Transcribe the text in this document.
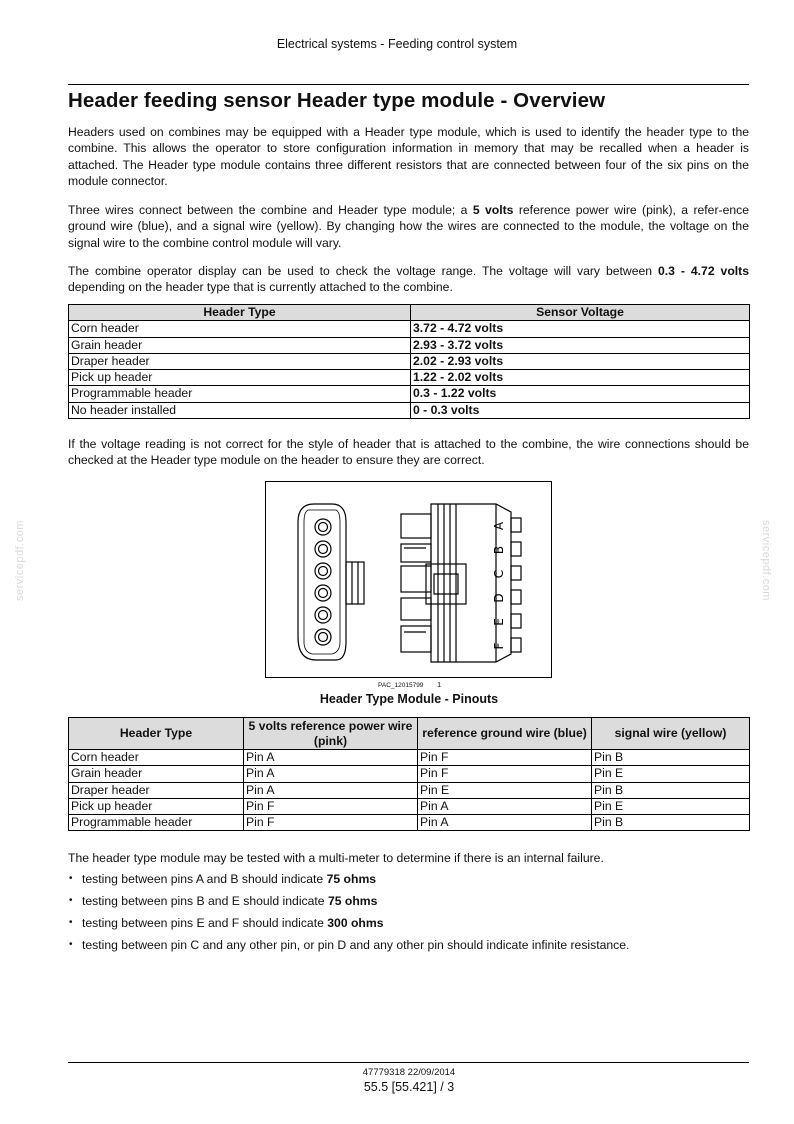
Electrical systems - Feeding control system
Header feeding sensor Header type module - Overview

Headers used on combines may be equipped with a Header type module, which is used to identify the header type to the combine. This allows the operator to store configuration information in memory that may be recalled when a header is attached. The Header type module contains three different resistors that are connected between four of the six pins on the module connector.

Three wires connect between the combine and Header type module; a 5 volts reference power wire (pink), a refer-ence ground wire (blue), and a signal wire (yellow). By changing how the wires are connected to the module, the voltage on the signal wire to the combine control module will vary.

The combine operator display can be used to check the voltage range. The voltage will vary between 0.3 - 4.72 volts depending on the header type that is currently attached to the combine.

Header Type	Sensor Voltage
Corn header	3.72 - 4.72 volts
Grain header	2.93 - 3.72 volts
Draper header	2.02 - 2.93 volts
Pick up header	1.22 - 2.02 volts
Programmable header	0.3 - 1.22 volts
No header installed	0 - 0.3 volts

If the voltage reading is not correct for the style of header that is attached to the combine, the wire connections should be checked at the Header type module on the header to ensure they are correct.

A
B
C
D
E
F
PAC_12015799 1
Header Type Module - Pinouts
Header Type	5 volts reference power wire (pink)	reference ground wire (blue)	signal wire (yellow)
Corn header	Pin A	Pin F	Pin B
Grain header	Pin A	Pin F	Pin E
Draper header	Pin A	Pin E	Pin B
Pick up header	Pin F	Pin A	Pin E
Programmable header	Pin F	Pin A	Pin B

The header type module may be tested with a multi-meter to determine if there is an internal failure.

• testing between pins A and B should indicate 75 ohms
• testing between pins B and E should indicate 75 ohms
• testing between pins E and F should indicate 300 ohms
• testing between pin C and any other pin, or pin D and any other pin should indicate infinite resistance.
servicepdf.com	servicepdf.com
47779318 22/09/2014
55.5 [55.421] / 3
